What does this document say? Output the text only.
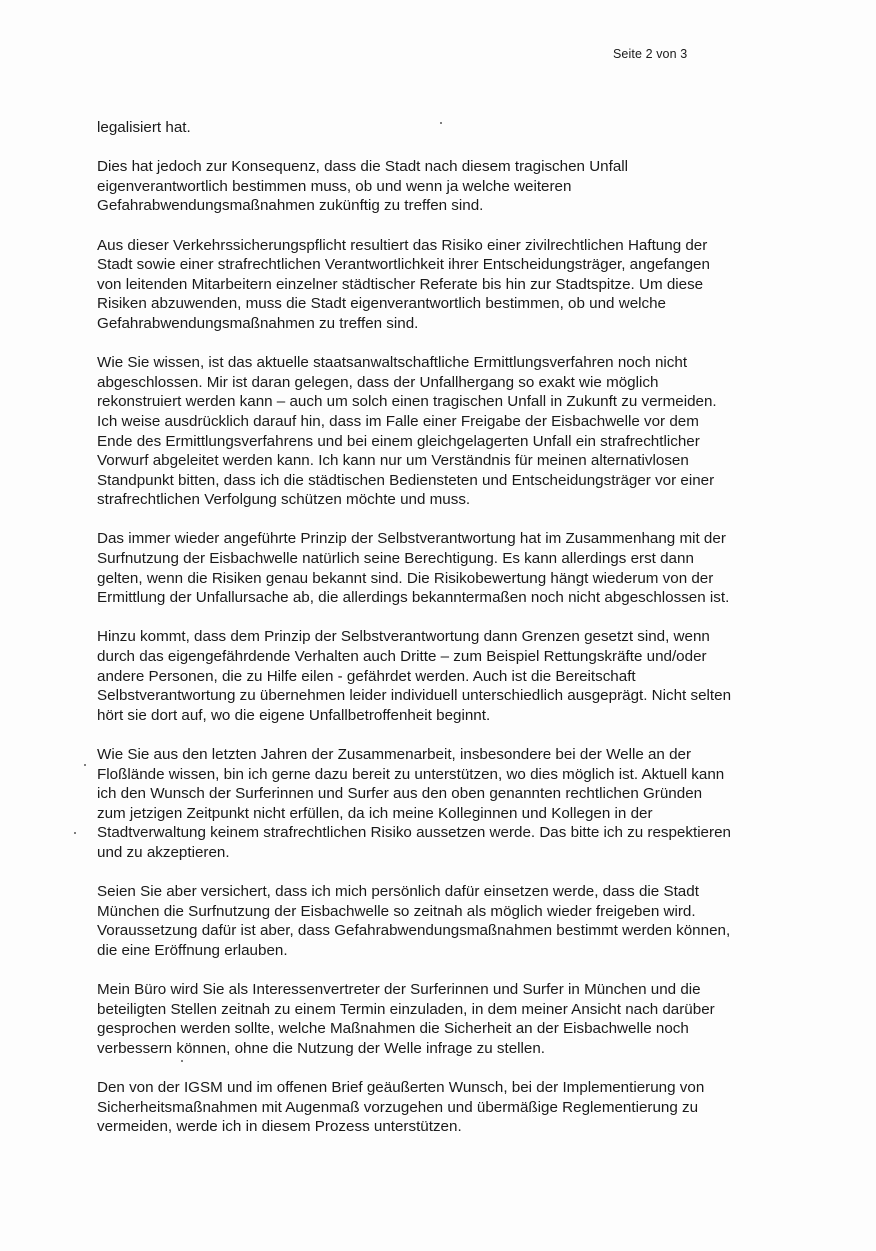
Seite 2 von 3

legalisiert hat.

Dies hat jedoch zur Konsequenz, dass die Stadt nach diesem tragischen Unfall
eigenverantwortlich bestimmen muss, ob und wenn ja welche weiteren
Gefahrabwendungsmaßnahmen zukünftig zu treffen sind.

Aus dieser Verkehrssicherungspflicht resultiert das Risiko einer zivilrechtlichen Haftung der
Stadt sowie einer strafrechtlichen Verantwortlichkeit ihrer Entscheidungsträger, angefangen
von leitenden Mitarbeitern einzelner städtischer Referate bis hin zur Stadtspitze. Um diese
Risiken abzuwenden, muss die Stadt eigenverantwortlich bestimmen, ob und welche
Gefahrabwendungsmaßnahmen zu treffen sind.

Wie Sie wissen, ist das aktuelle staatsanwaltschaftliche Ermittlungsverfahren noch nicht
abgeschlossen. Mir ist daran gelegen, dass der Unfallhergang so exakt wie möglich
rekonstruiert werden kann – auch um solch einen tragischen Unfall in Zukunft zu vermeiden.
Ich weise ausdrücklich darauf hin, dass im Falle einer Freigabe der Eisbachwelle vor dem
Ende des Ermittlungsverfahrens und bei einem gleichgelagerten Unfall ein strafrechtlicher
Vorwurf abgeleitet werden kann. Ich kann nur um Verständnis für meinen alternativlosen
Standpunkt bitten, dass ich die städtischen Bediensteten und Entscheidungsträger vor einer
strafrechtlichen Verfolgung schützen möchte und muss.

Das immer wieder angeführte Prinzip der Selbstverantwortung hat im Zusammenhang mit der
Surfnutzung der Eisbachwelle natürlich seine Berechtigung. Es kann allerdings erst dann
gelten, wenn die Risiken genau bekannt sind. Die Risikobewertung hängt wiederum von der
Ermittlung der Unfallursache ab, die allerdings bekanntermaßen noch nicht abgeschlossen ist.

Hinzu kommt, dass dem Prinzip der Selbstverantwortung dann Grenzen gesetzt sind, wenn
durch das eigengefährdende Verhalten auch Dritte – zum Beispiel Rettungskräfte und/oder
andere Personen, die zu Hilfe eilen - gefährdet werden. Auch ist die Bereitschaft
Selbstverantwortung zu übernehmen leider individuell unterschiedlich ausgeprägt. Nicht selten
hört sie dort auf, wo die eigene Unfallbetroffenheit beginnt.

Wie Sie aus den letzten Jahren der Zusammenarbeit, insbesondere bei der Welle an der
Floßlände wissen, bin ich gerne dazu bereit zu unterstützen, wo dies möglich ist. Aktuell kann
ich den Wunsch der Surferinnen und Surfer aus den oben genannten rechtlichen Gründen
zum jetzigen Zeitpunkt nicht erfüllen, da ich meine Kolleginnen und Kollegen in der
Stadtverwaltung keinem strafrechtlichen Risiko aussetzen werde. Das bitte ich zu respektieren
und zu akzeptieren.

Seien Sie aber versichert, dass ich mich persönlich dafür einsetzen werde, dass die Stadt
München die Surfnutzung der Eisbachwelle so zeitnah als möglich wieder freigeben wird.
Voraussetzung dafür ist aber, dass Gefahrabwendungsmaßnahmen bestimmt werden können,
die eine Eröffnung erlauben.

Mein Büro wird Sie als Interessenvertreter der Surferinnen und Surfer in München und die
beteiligten Stellen zeitnah zu einem Termin einzuladen, in dem meiner Ansicht nach darüber
gesprochen werden sollte, welche Maßnahmen die Sicherheit an der Eisbachwelle noch
verbessern können, ohne die Nutzung der Welle infrage zu stellen.

Den von der IGSM und im offenen Brief geäußerten Wunsch, bei der Implementierung von
Sicherheitsmaßnahmen mit Augenmaß vorzugehen und übermäßige Reglementierung zu
vermeiden, werde ich in diesem Prozess unterstützen.
